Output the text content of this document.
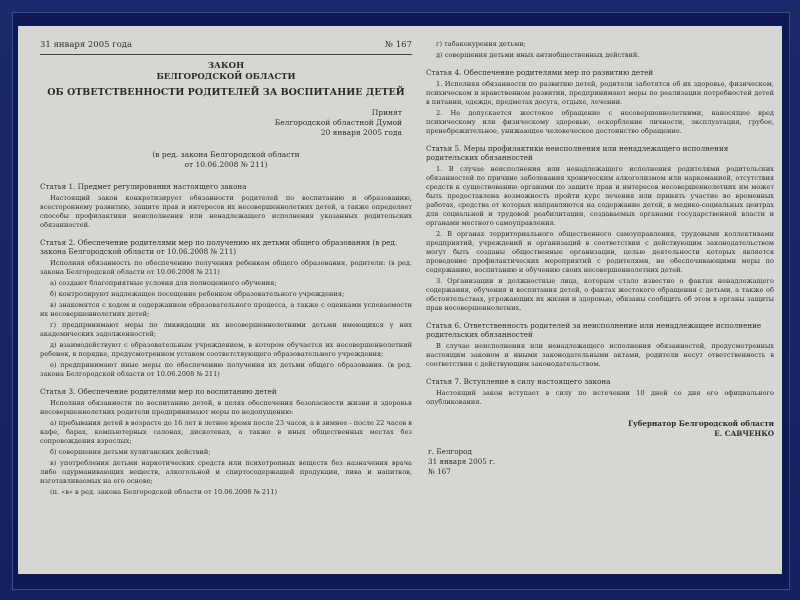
31 января 2005 года	№ 167
ЗАКОН
БЕЛГОРОДСКОЙ ОБЛАСТИ
ОБ ОТВЕТСТВЕННОСТИ РОДИТЕЛЕЙ ЗА ВОСПИТАНИЕ ДЕТЕЙ
Принят
Белгородской областной Думой
20 января 2005 года
(в ред. закона Белгородской области
от 10.06.2008 № 211)
Статья 1. Предмет регулирования настоящего закона

Настоящий закон конкретизирует обязанности родителей по воспитанию и образованию, всестороннему развитию, защите прав и интересов их несовершеннолетних детей, а также определяет способы профилактики неисполнения или ненадлежащего исполнения указанных родительских обязанностей.

Статья 2. Обеспечение родителями мер по получению их детьми общего образования (в ред. закона Белгородской области от 10.06.2008 № 211)

Исполняя обязанность по обеспечению получения ребенком общего образования, родители: (в ред. закона Белгородской области от 10.06.2008 № 211)

а) создают благоприятные условия для полноценного обучения;

б) контролируют надлежащее посещение ребенком образовательного учреждения;

в) знакомятся с ходом и содержанием образовательного процесса, а также с оценками успеваемости их несовершеннолетних детей;

г) предпринимают меры по ликвидации их несовершеннолетними детьми имеющихся у них академических задолженностей;

д) взаимодействуют с образовательным учреждением, в котором обучается их несовершеннолетний ребенок, в порядке, предусмотренном уставом соответствующего образовательного учреждения;

е) предпринимают иные меры по обеспечению получения их детьми общего образования. (в ред. закона Белгородской области от 10.06.2008 № 211)

Статья 3. Обеспечение родителями мер по воспитанию детей

Исполняя обязанности по воспитанию детей, в целях обеспечения безопасности жизни и здоровья несовершеннолетних родители предпринимают меры по недопущению:

а) пребывания детей в возрасте до 16 лет в летнее время после 23 часов, а в зимнее - после 22 часов в кафе, барах, компьютерных салонах, дискотеках, а также в иных общественных местах без сопровождения взрослых;

б) совершения детьми хулиганских действий;

в) употребления детьми наркотических средств или психотропных веществ без назначения врача либо одурманивающих веществ, алкогольной и спиртосодержащей продукции, пива и напитков, изготавливаемых на его основе;

(п. «в» в ред. закона Белгородской области от 10.06.2008 № 211)

г) табакокурения детьми;

д) совершения детьми иных антиобщественных действий.

Статья 4. Обеспечение родителями мер по развитию детей

1. Исполняя обязанности по развитию детей, родители заботятся об их здоровье, физическом, психическом и нравственном развитии, предпринимают меры по реализации потребностей детей в питании, одежде, предметах досуга, отдыхе, лечении.

2. Не допускается жестокое обращение с несовершеннолетними, наносящее вред психическому или физическому здоровью, оскорбление личности, эксплуатация, грубое, пренебрежительное, унижающее человеческое достоинство обращение.

Статья 5. Меры профилактики неисполнения или ненадлежащего исполнения родительских обязанностей

1. В случае неисполнения или ненадлежащего исполнения родителями родительских обязанностей по причине заболевания хроническим алкоголизмом или наркоманией, отсутствия средств к существованию органами по защите прав и интересов несовершеннолетних им может быть предоставлена возможность пройти курс лечения или принять участие во временных работах, средства от которых направляются на содержание детей, в медико-социальных центрах для социальной и трудовой реабилитации, создаваемых органами государственной власти и органами местного самоуправления.

2. В органах территориального общественного самоуправления, трудовыми коллективами предприятий, учреждений и организаций в соответствии с действующим законодательством могут быть созданы общественные организации, целью деятельности которых является проведение профилактических мероприятий с родителями, не обеспечивающими меры по содержанию, воспитанию и обучению своих несовершеннолетних детей.

3. Организации и должностные лица, которым стало известно о фактах ненадлежащего содержания, обучения и воспитания детей, о фактах жестокого обращения с детьми, а также об обстоятельствах, угрожающих их жизни и здоровью, обязаны сообщить об этом в органы защиты прав несовершеннолетних.

Статья 6. Ответственность родителей за неисполнение или ненадлежащее исполнение родительских обязанностей

В случае неисполнения или ненадлежащего исполнения обязанностей, предусмотренных настоящим законом и иными законодательными актами, родители несут ответственность в соответствии с действующим законодательством.

Статья 7. Вступление в силу настоящего закона

Настоящий закон вступает в силу по истечении 10 дней со дня его официального опубликования.

Губернатор Белгородской области
Е. САВЧЕНКО
г. Белгород
31 января 2005 г.
№ 167
